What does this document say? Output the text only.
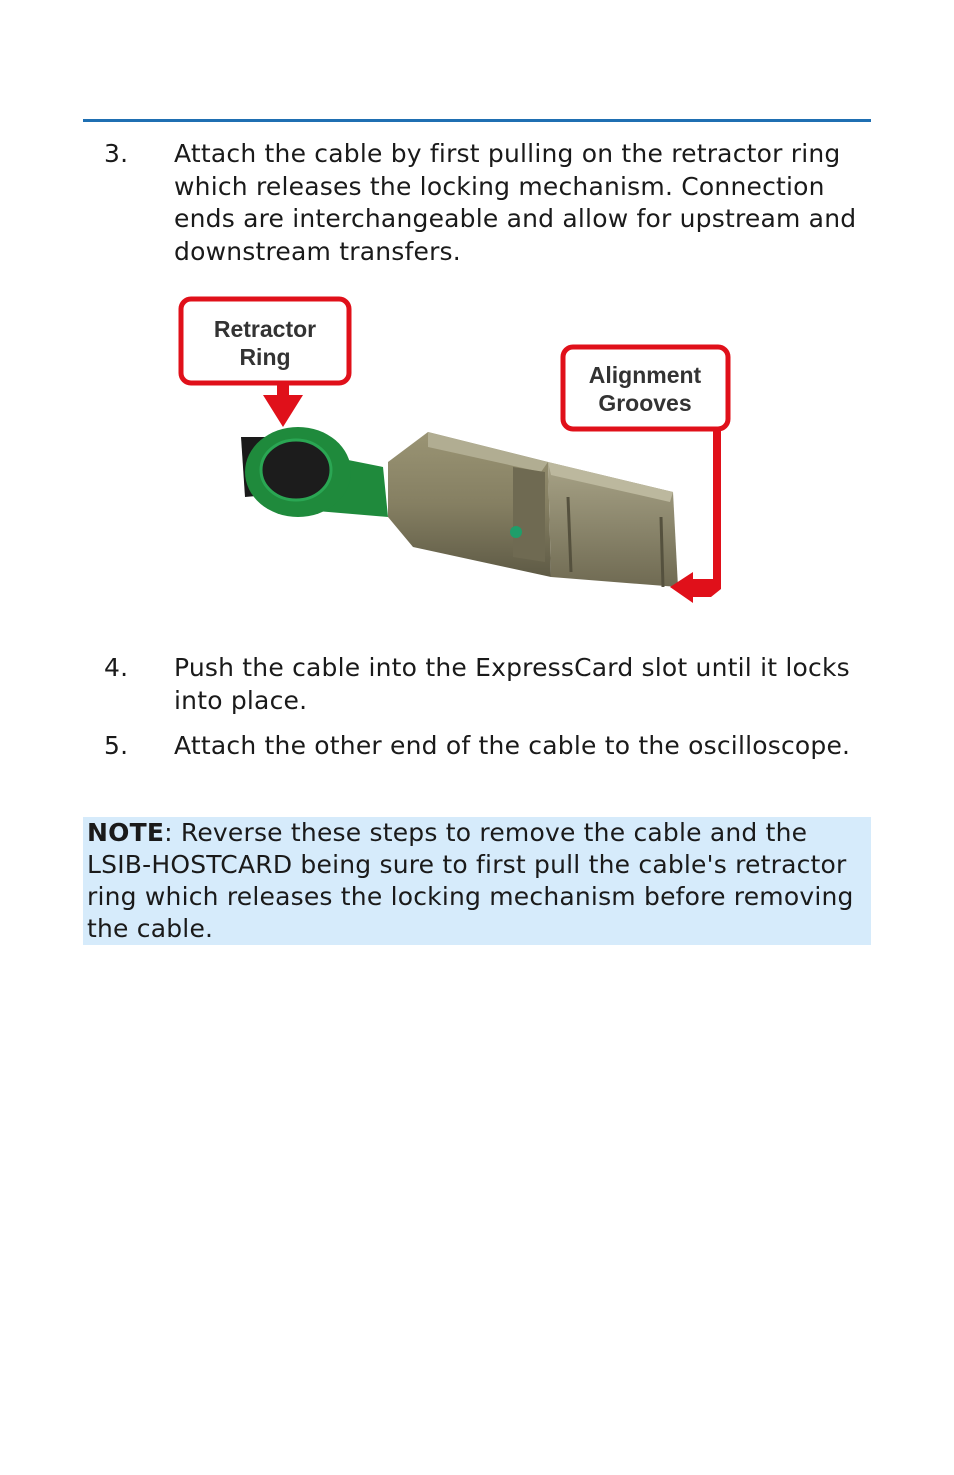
3. Attach the cable by first pulling on the retractor ring which releases the locking mechanism. Connection ends are interchangeable and allow for upstream and downstream transfers.
Retractor
Ring
Alignment
Grooves
4. Push the cable into the ExpressCard slot until it locks into place.
5. Attach the other end of the cable to the oscilloscope.
NOTE: Reverse these steps to remove the cable and the LSIB-HOSTCARD being sure to first pull the cable's retractor ring which releases the locking mechanism before removing the cable.
